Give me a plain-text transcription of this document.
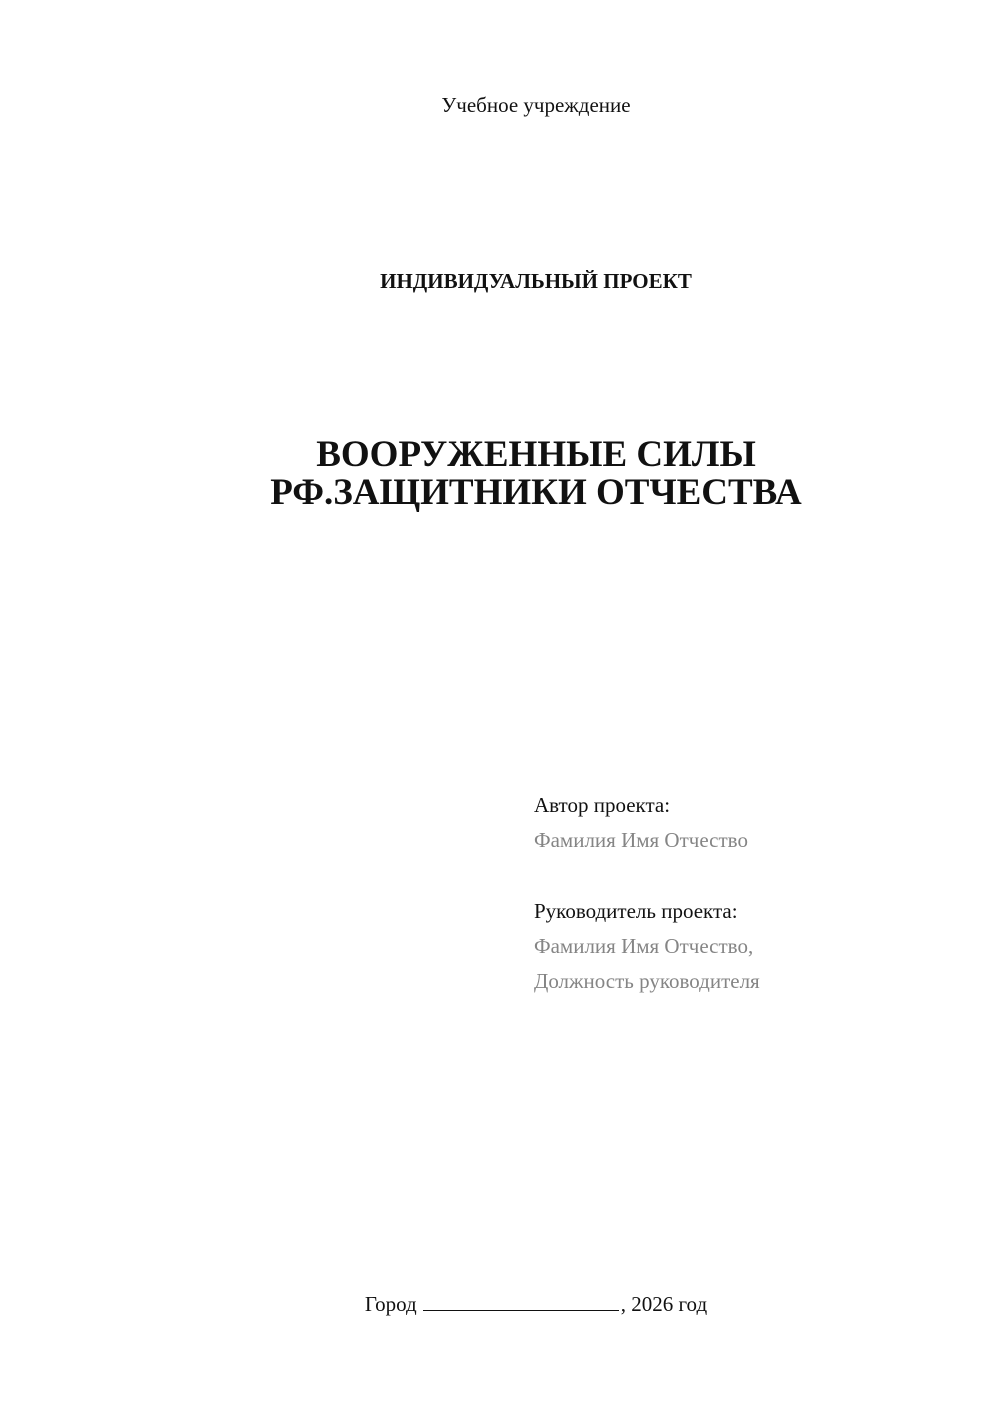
Учебное учреждение
ИНДИВИДУАЛЬНЫЙ ПРОЕКТ
ВООРУЖЕННЫЕ СИЛЫ
РФ.ЗАЩИТНИКИ ОТЧЕСТВА
Автор проекта:
Фамилия Имя Отчество
Руководитель проекта:
Фамилия Имя Отчество,
Должность руководителя
Город	, 2026 год
